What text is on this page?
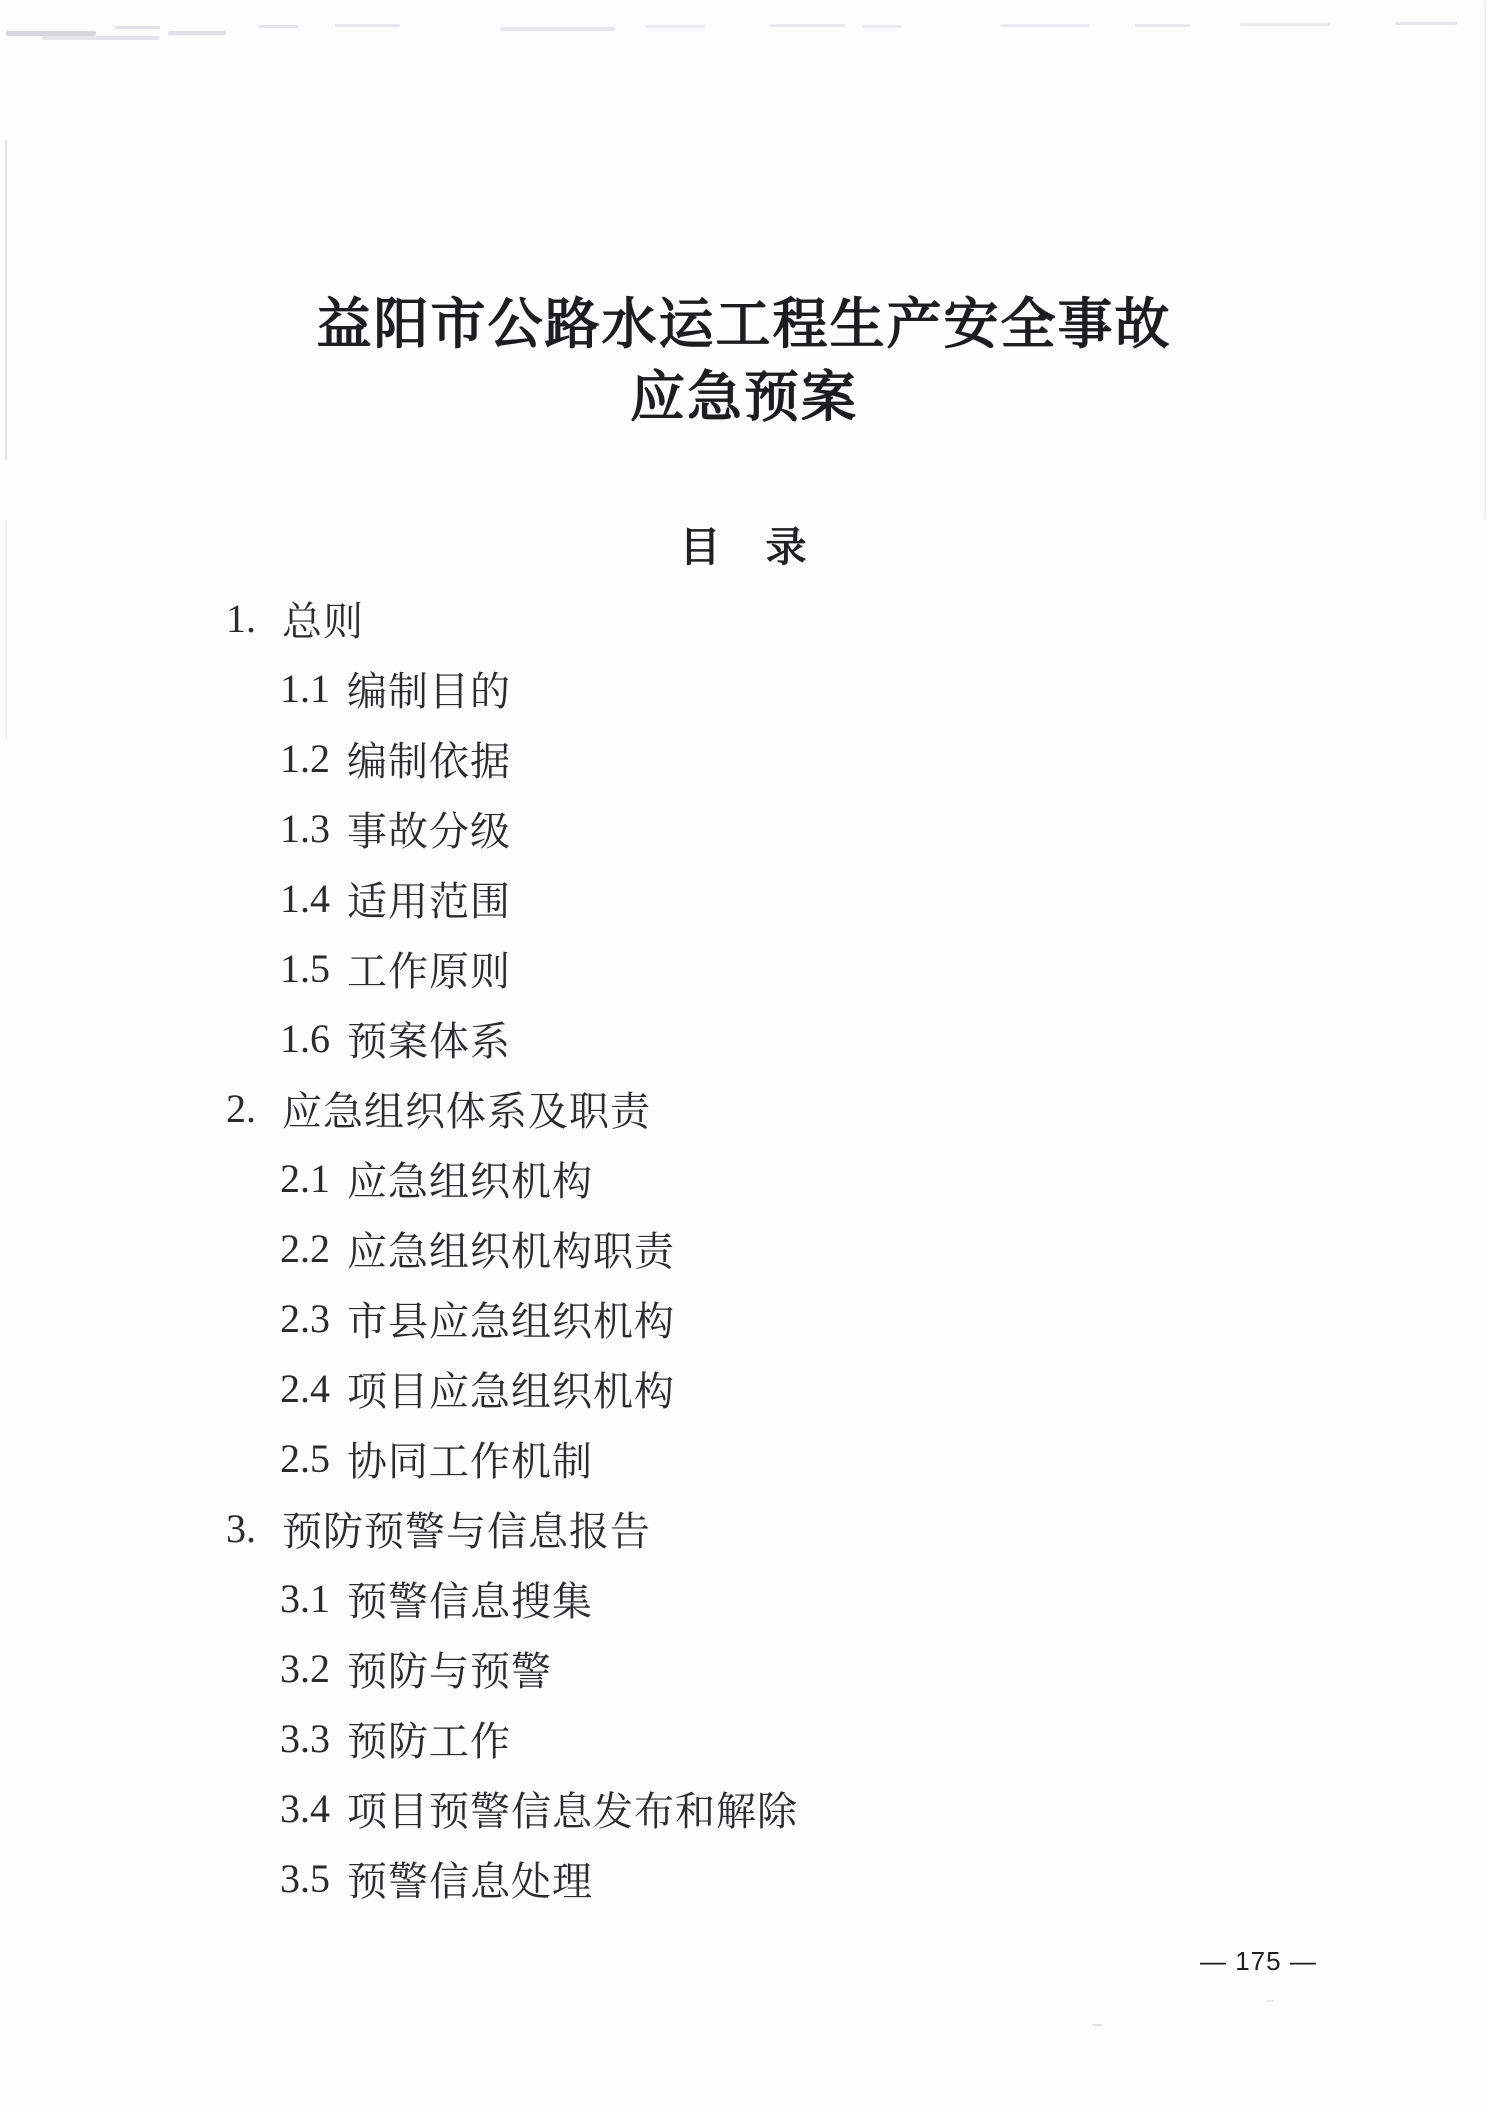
益阳市公路水运工程生产安全事故
应急预案
目　录
1. 总则
1.1 编制目的
1.2 编制依据
1.3 事故分级
1.4 适用范围
1.5 工作原则
1.6 预案体系
2. 应急组织体系及职责
2.1 应急组织机构
2.2 应急组织机构职责
2.3 市县应急组织机构
2.4 项目应急组织机构
2.5 协同工作机制
3. 预防预警与信息报告
3.1 预警信息搜集
3.2 预防与预警
3.3 预防工作
3.4 项目预警信息发布和解除
3.5 预警信息处理
— 175 —
